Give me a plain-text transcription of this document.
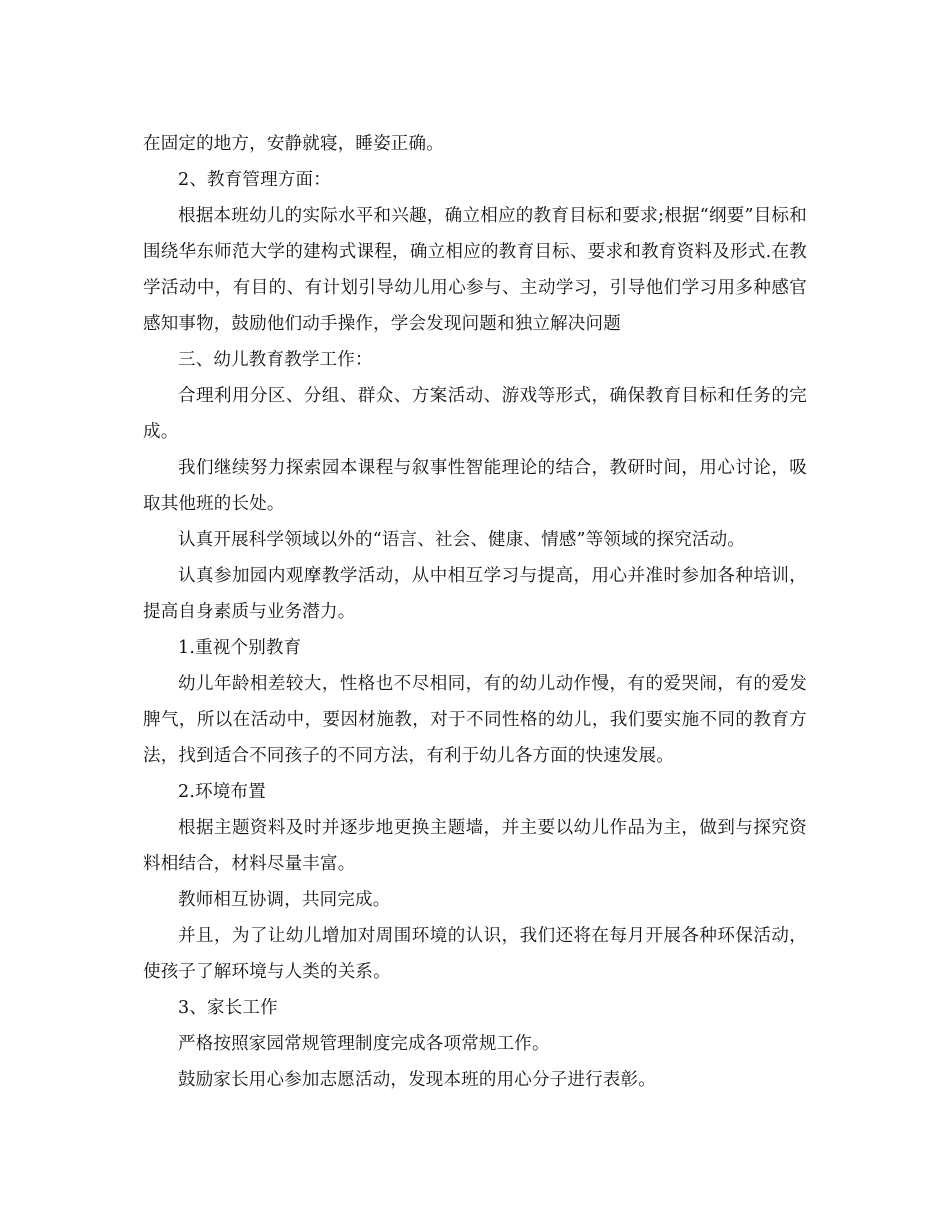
在固定的地方，安静就寝，睡姿正确。

2、教育管理方面：

根据本班幼儿的实际水平和兴趣，确立相应的教育目标和要求;根据“纲要”目标和围绕华东师范大学的建构式课程，确立相应的教育目标、要求和教育资料及形式.在教学活动中，有目的、有计划引导幼儿用心参与、主动学习，引导他们学习用多种感官感知事物，鼓励他们动手操作，学会发现问题和独立解决问题

三、幼儿教育教学工作：

合理利用分区、分组、群众、方案活动、游戏等形式，确保教育目标和任务的完成。

我们继续努力探索园本课程与叙事性智能理论的结合，教研时间，用心讨论，吸取其他班的长处。

认真开展科学领域以外的“语言、社会、健康、情感”等领域的探究活动。

认真参加园内观摩教学活动，从中相互学习与提高，用心并准时参加各种培训，提高自身素质与业务潜力。

1.重视个别教育

幼儿年龄相差较大，性格也不尽相同，有的幼儿动作慢，有的爱哭闹，有的爱发脾气，所以在活动中，要因材施教，对于不同性格的幼儿，我们要实施不同的教育方法，找到适合不同孩子的不同方法，有利于幼儿各方面的快速发展。

2.环境布置

根据主题资料及时并逐步地更换主题墙，并主要以幼儿作品为主，做到与探究资料相结合，材料尽量丰富。

教师相互协调，共同完成。

并且，为了让幼儿增加对周围环境的认识，我们还将在每月开展各种环保活动，使孩子了解环境与人类的关系。

3、家长工作

严格按照家园常规管理制度完成各项常规工作。

鼓励家长用心参加志愿活动，发现本班的用心分子进行表彰。
